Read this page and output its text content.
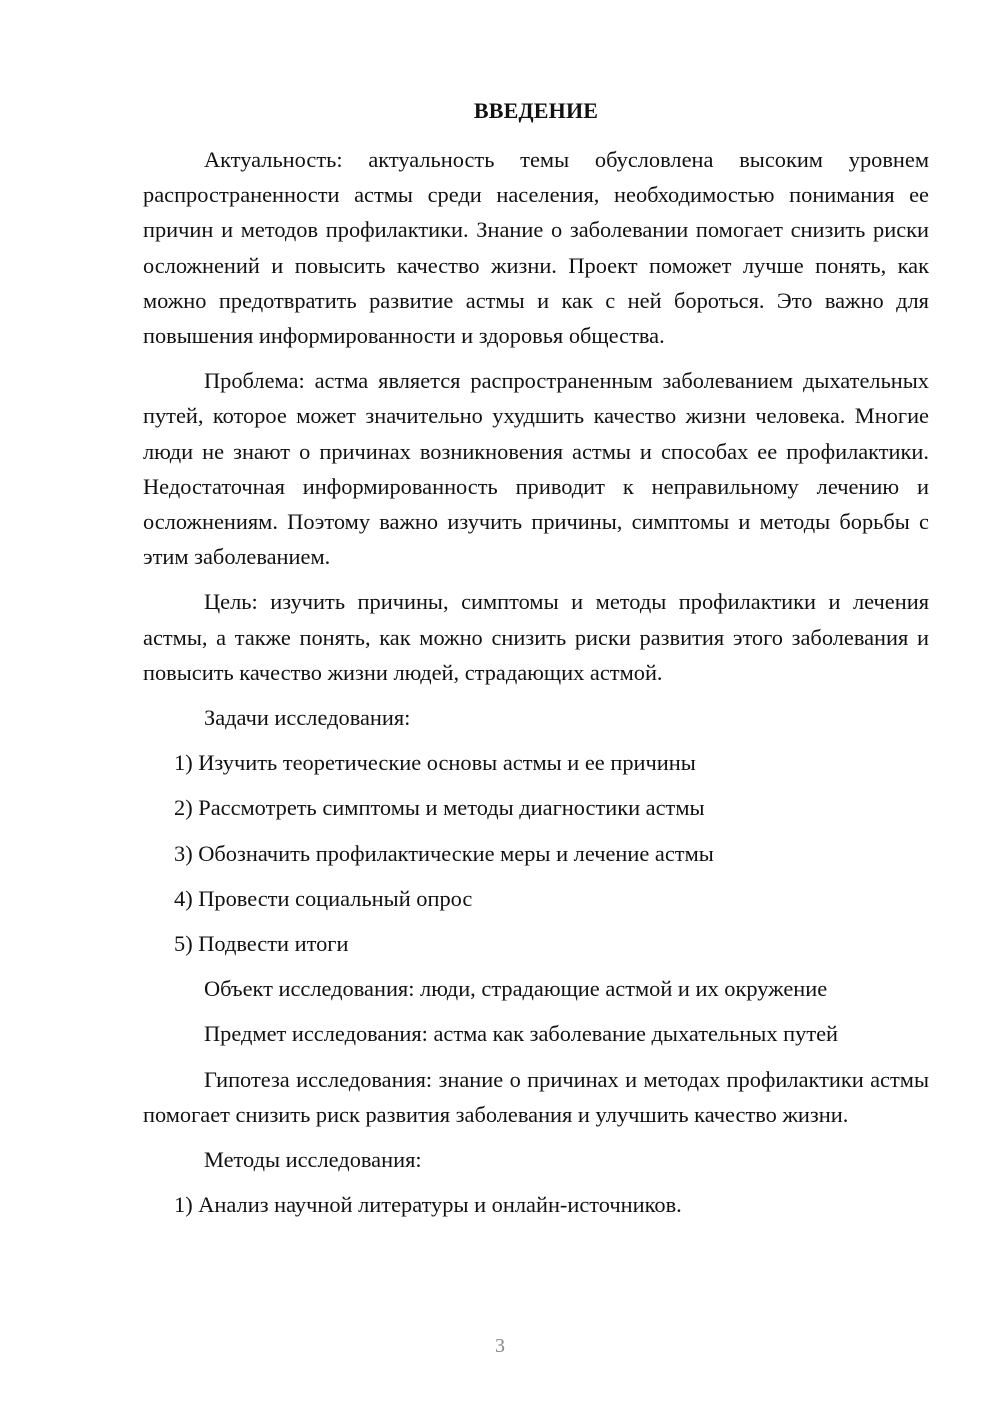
ВВЕДЕНИЕ

Актуальность: актуальность темы обусловлена высоким уровнем распространенности астмы среди населения, необходимостью понимания ее причин и методов профилактики. Знание о заболевании помогает снизить риски осложнений и повысить качество жизни. Проект поможет лучше понять, как можно предотвратить развитие астмы и как с ней бороться. Это важно для повышения информированности и здоровья общества.

Проблема: астма является распространенным заболеванием дыхательных путей, которое может значительно ухудшить качество жизни человека. Многие люди не знают о причинах возникновения астмы и способах ее профилактики. Недостаточная информированность приводит к неправильному лечению и осложнениям. Поэтому важно изучить причины, симптомы и методы борьбы с этим заболеванием.

Цель: изучить причины, симптомы и методы профилактики и лечения астмы, а также понять, как можно снизить риски развития этого заболевания и повысить качество жизни людей, страдающих астмой.

Задачи исследования:

1) Изучить теоретические основы астмы и ее причины

2) Рассмотреть симптомы и методы диагностики астмы

3) Обозначить профилактические меры и лечение астмы

4) Провести социальный опрос

5) Подвести итоги

Объект исследования: люди, страдающие астмой и их окружение

Предмет исследования: астма как заболевание дыхательных путей

Гипотеза исследования: знание о причинах и методах профилактики астмы помогает снизить риск развития заболевания и улучшить качество жизни.

Методы исследования:

1) Анализ научной литературы и онлайн-источников.

3
